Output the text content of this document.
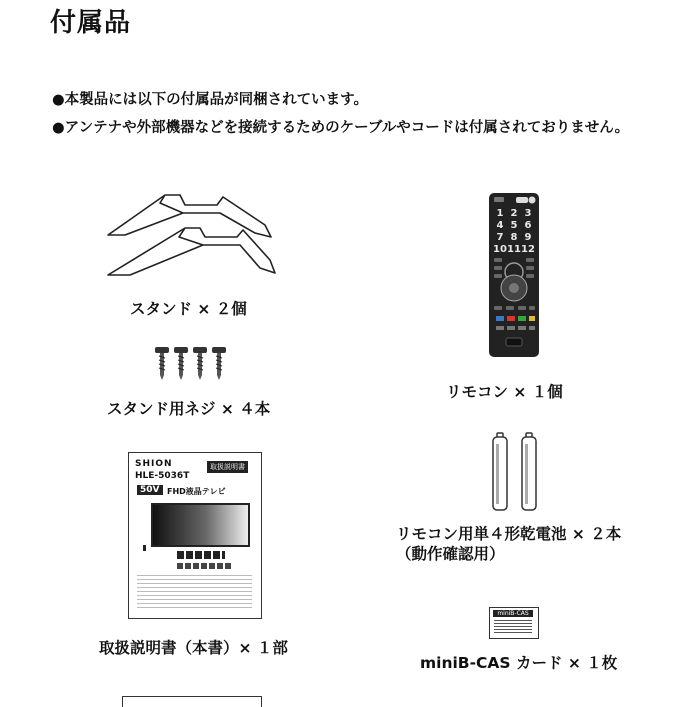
付属品
●本製品には以下の付属品が同梱されています。
●アンテナや外部機器などを接続するためのケーブルやコードは付属されておりません。
スタンド × ２個
スタンド用ネジ × ４本
1 2 3
4 5 6
7 8 9
10 11 12
リモコン × １個
リモコン用単４形乾電池 × ２本
（動作確認用）
SHION	取扱説明書
HLE-5036T
50V FHD液晶テレビ
取扱説明書（本書）× １部
miniB-CAS
miniB-CAS カード × １枚
